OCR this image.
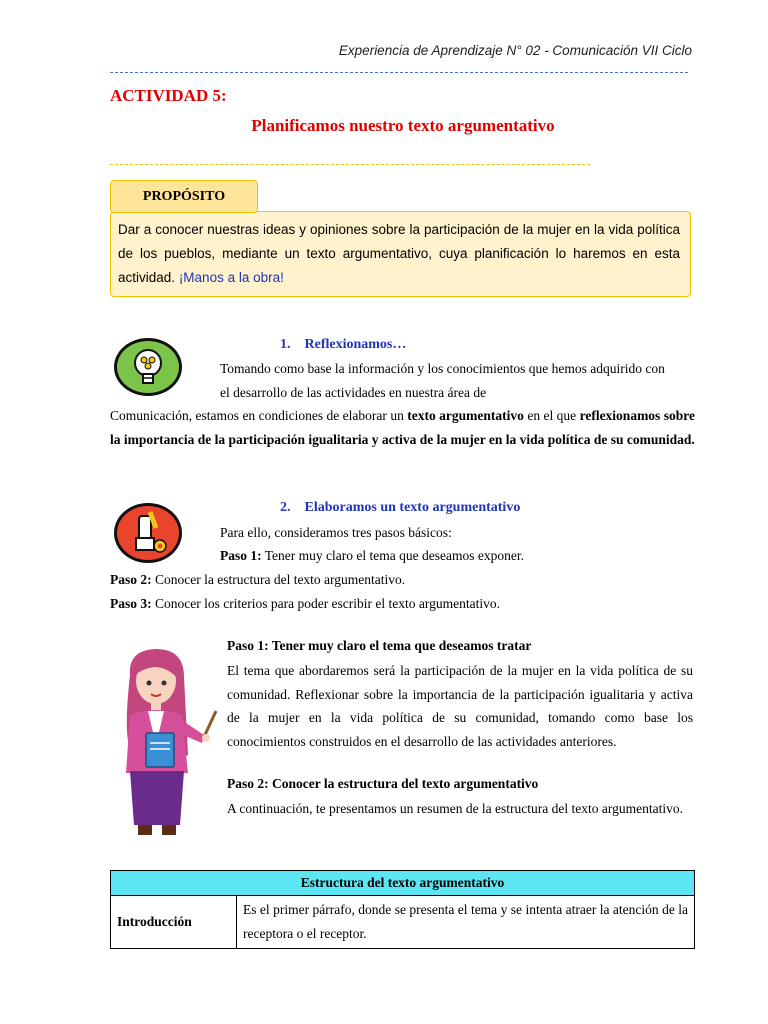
Experiencia de Aprendizaje N° 02 - Comunicación VII Ciclo
ACTIVIDAD 5:
Planificamos nuestro texto argumentativo
PROPÓSITO
Dar a conocer nuestras ideas y opiniones sobre la participación de la mujer en la vida política de los pueblos, mediante un texto argumentativo, cuya planificación lo haremos en esta actividad. ¡Manos a la obra!
1. Reflexionamos…
Tomando como base la información y los conocimientos que hemos adquirido con
el desarrollo de las actividades en nuestra área de
Comunicación, estamos en condiciones de elaborar un texto argumentativo en el que reflexionamos sobre la importancia de la participación igualitaria y activa de la mujer en la vida política de su comunidad.
2. Elaboramos un texto argumentativo
Para ello, consideramos tres pasos básicos:
Paso 1: Tener muy claro el tema que deseamos exponer.
Paso 2: Conocer la estructura del texto argumentativo.
Paso 3: Conocer los criterios para poder escribir el texto argumentativo.
Paso 1: Tener muy claro el tema que deseamos tratar
El tema que abordaremos será la participación de la mujer en la vida política de su comunidad. Reflexionar sobre la importancia de la participación igualitaria y activa de la mujer en la vida política de su comunidad, tomando como base los conocimientos construidos en el desarrollo de las actividades anteriores.
Paso 2: Conocer la estructura del texto argumentativo
A continuación, te presentamos un resumen de la estructura del texto argumentativo.
Estructura del texto argumentativo
Introducción	Es el primer párrafo, donde se presenta el tema y se intenta atraer la atención de la receptora o el receptor.
